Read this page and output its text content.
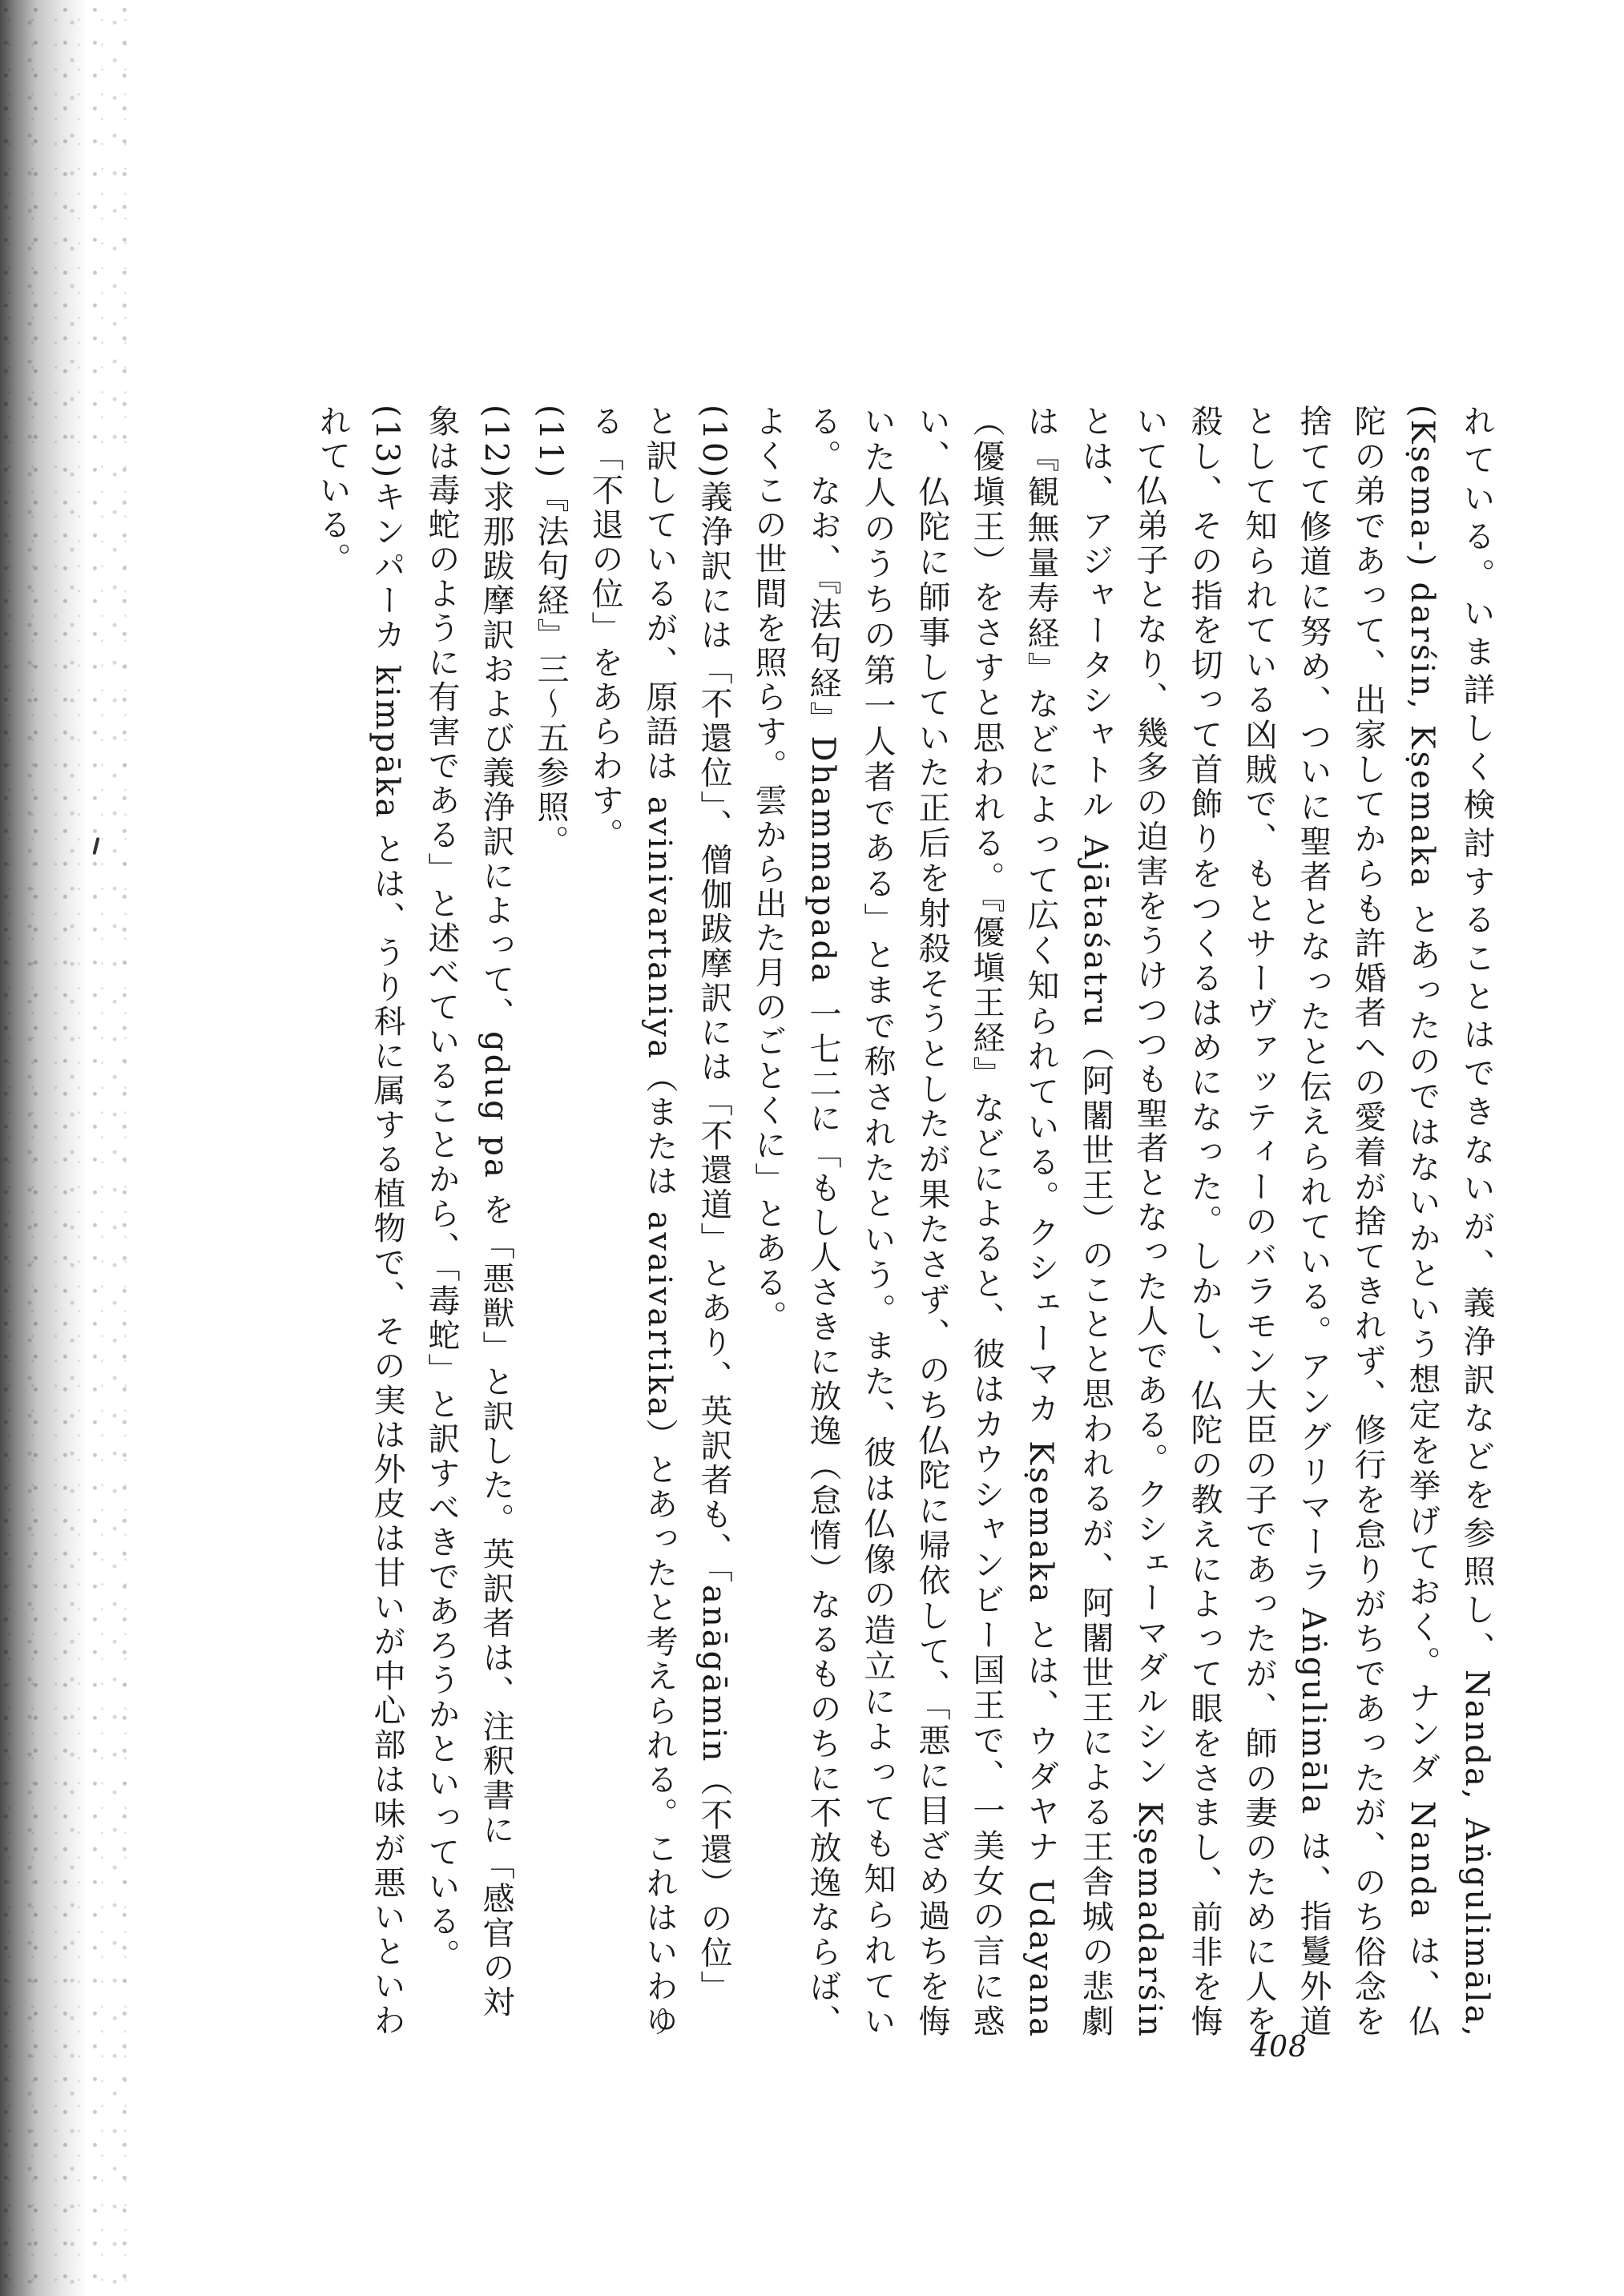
れている。いま詳しく検討することはできないが、義浄訳などを参照し、Nanda, Aṅgulimāla, (Kṣema-) darśin, Kṣemaka とあったのではないかという想定を挙げておく。ナンダ Nanda は、仏陀の弟であって、出家してからも許婚者への愛着が捨てきれず、修行を怠りがちであったが、のち俗念を捨てて修道に努め、ついに聖者となったと伝えられている。アングリマーラ Aṅgulimāla は、指鬘外道として知られている凶賊で、もとサーヴァッティーのバラモン大臣の子であったが、師の妻のために人を殺し、その指を切って首飾りをつくるはめになった。しかし、仏陀の教えによって眼をさまし、前非を悔いて仏弟子となり、幾多の迫害をうけつつも聖者となった人である。クシェーマダルシン Kṣemadarśin とは、アジャータシャトル Ajātaśatru（阿闍世王）のことと思われるが、阿闍世王による王舎城の悲劇は『観無量寿経』などによって広く知られている。クシェーマカ Kṣemaka とは、ウダヤナ Udayana（優塡王）をさすと思われる。『優塡王経』などによると、彼はカウシャンビー国王で、一美女の言に惑い、仏陀に師事していた正后を射殺そうとしたが果たさず、のち仏陀に帰依して、「悪に目ざめ過ちを悔いた人のうちの第一人者である」とまで称されたという。また、彼は仏像の造立によっても知られている。なお、『法句経』Dhammapada 一七二に「もし人さきに放逸（怠惰）なるものちに不放逸ならば、よくこの世間を照らす。雲から出た月のごとくに」とある。

(10)義浄訳には「不還位」、僧伽跋摩訳には「不還道」とあり、英訳者も、「anāgāmin（不還）の位」と訳しているが、原語は avinivartaniya（または avaivartika）とあったと考えられる。これはいわゆる「不退の位」をあらわす。

(11)『法句経』三〜五参照。

(12)求那跋摩訳および義浄訳によって、gdug pa を「悪獣」と訳した。英訳者は、注釈書に「感官の対象は毒蛇のように有害である」と述べていることから、「毒蛇」と訳すべきであろうかといっている。

(13)キンパーカ kimpāka とは、うり科に属する植物で、その実は外皮は甘いが中心部は味が悪いといわれている。

408
